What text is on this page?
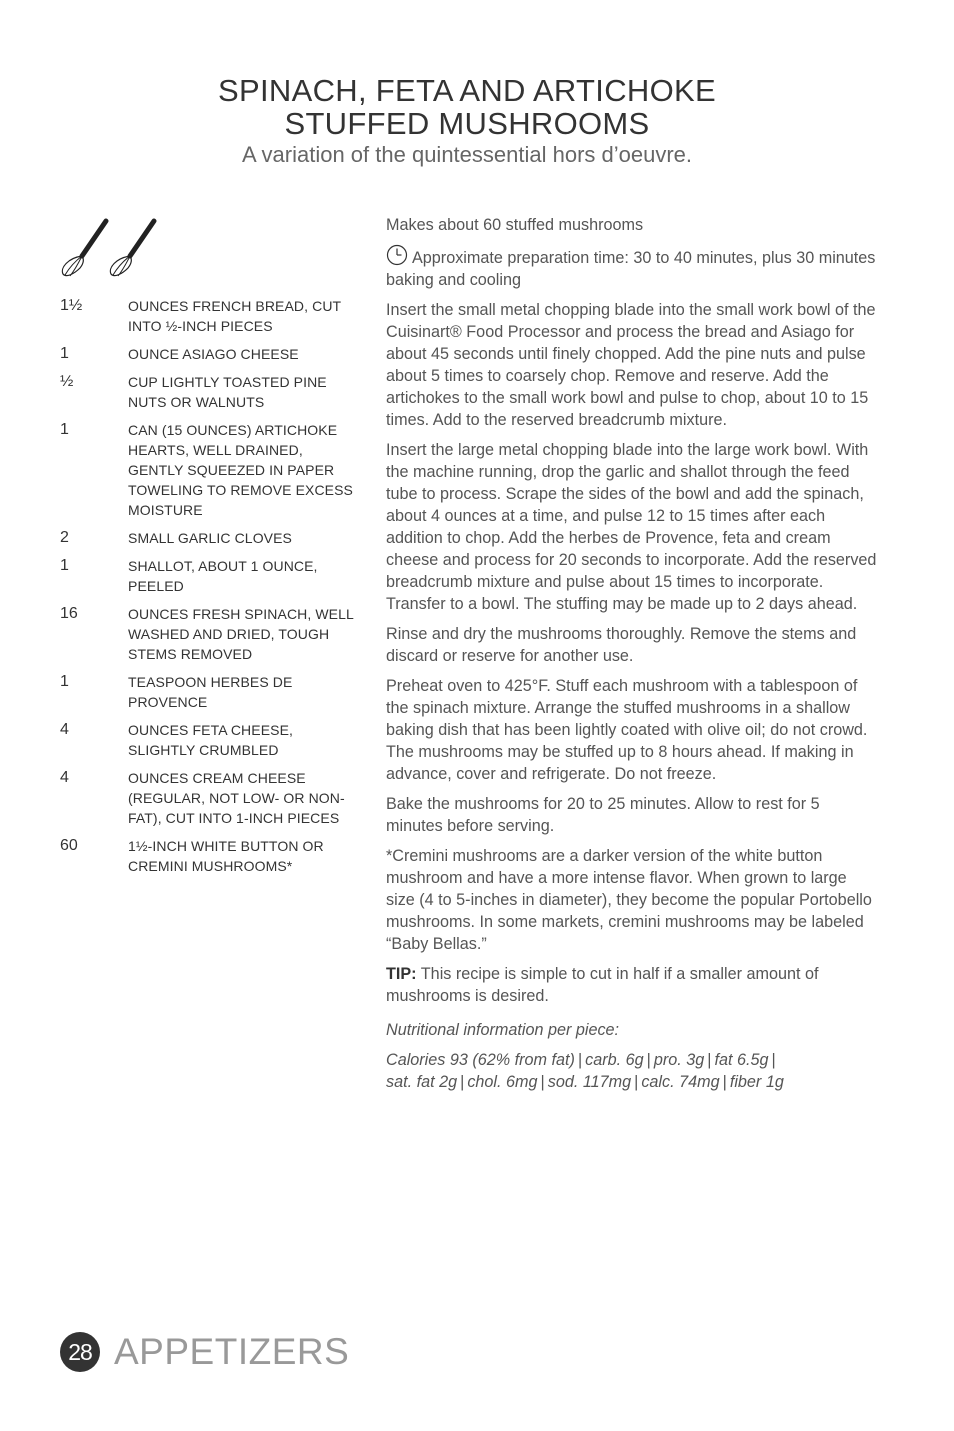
SPINACH, FETA AND ARTICHOKE
STUFFED MUSHROOMS
A variation of the quintessential hors d’oeuvre.
1½	OUNCES FRENCH BREAD, CUT INTO ½-INCH PIECES
1	OUNCE ASIAGO CHEESE
½	CUP LIGHTLY TOASTED PINE NUTS OR WALNUTS
1	CAN (15 OUNCES) ARTICHOKE HEARTS, WELL DRAINED, GENTLY SQUEEZED IN PAPER TOWELING TO REMOVE EXCESS MOISTURE
2	SMALL GARLIC CLOVES
1	SHALLOT, ABOUT 1 OUNCE, PEELED
16	OUNCES FRESH SPINACH, WELL WASHED AND DRIED, TOUGH STEMS REMOVED
1	TEASPOON HERBES DE PROVENCE
4	OUNCES FETA CHEESE, SLIGHTLY CRUMBLED
4	OUNCES CREAM CHEESE (REGULAR, NOT LOW- OR NON-FAT), CUT INTO 1-INCH PIECES
60	1½-INCH WHITE BUTTON OR CREMINI MUSHROOMS*

Makes about 60 stuffed mushrooms

Approximate preparation time: 30 to 40 minutes, plus 30 minutes baking and cooling

Insert the small metal chopping blade into the small work bowl of the Cuisinart® Food Processor and process the bread and Asiago for about 45 seconds until finely chopped. Add the pine nuts and pulse about 5 times to coarsely chop. Remove and reserve. Add the artichokes to the small work bowl and pulse to chop, about 10 to 15 times. Add to the reserved breadcrumb mixture.

Insert the large metal chopping blade into the large work bowl. With the machine running, drop the garlic and shallot through the feed tube to process. Scrape the sides of the bowl and add the spinach, about 4 ounces at a time, and pulse 12 to 15 times after each addition to chop. Add the herbes de Provence, feta and cream cheese and process for 20 seconds to incorporate. Add the reserved breadcrumb mixture and pulse about 15 times to incorporate. Transfer to a bowl. The stuffing may be made up to 2 days ahead.

Rinse and dry the mushrooms thoroughly. Remove the stems and discard or reserve for another use.

Preheat oven to 425°F. Stuff each mushroom with a tablespoon of the spinach mixture. Arrange the stuffed mushrooms in a shallow baking dish that has been lightly coated with olive oil; do not crowd. The mushrooms may be stuffed up to 8 hours ahead. If making in advance, cover and refrigerate. Do not freeze.

Bake the mushrooms for 20 to 25 minutes. Allow to rest for 5 minutes before serving.

*Cremini mushrooms are a darker version of the white button mushroom and have a more intense flavor. When grown to large size (4 to 5-inches in diameter), they become the popular Portobello mushrooms. In some markets, cremini mushrooms may be labeled “Baby Bellas.”

TIP: This recipe is simple to cut in half if a smaller amount of mushrooms is desired.

Nutritional information per piece:

Calories 93 (62% from fat) | carb. 6g | pro. 3g | fat 6.5g |
sat. fat 2g | chol. 6mg | sod. 117mg | calc. 74mg | fiber 1g

28 APPETIZERS
